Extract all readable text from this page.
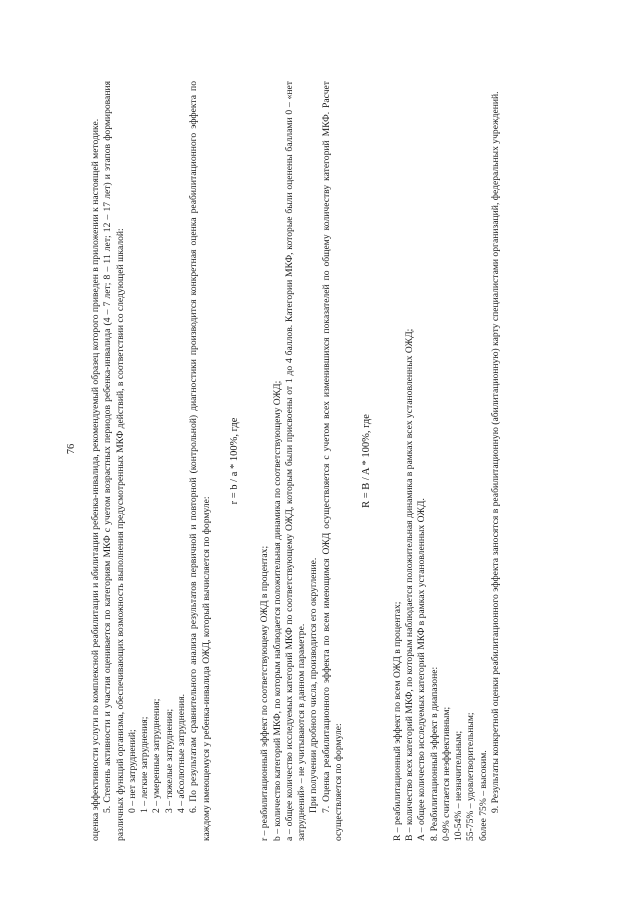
76 оценка эффективности услуги по комплексной реабилитации и абилитации ребенка-инвалида, рекомендуемый образец которого приведен в приложении к настоящей методике. 5. Степень активности и участия оценивается по категориям МКФ с учетом возрастных периодов ребенка-инвалида (4 – 7 лет; 8 – 11 лет; 12 – 17 лет) и этапов формирования различных функций организма, обеспечивающих возможность выполнения предусмотренных МКФ действий, в соответствии со следующей шкалой: 0 – нет затруднений; 1 – легкие затруднения; 2 – умеренные затруднения; 3 – тяжелые затруднения; 4 – абсолютные затруднения. 6. По результатам сравнительного анализа результатов первичной и повторной (контрольной) диагностики производится конкретная оценка реабилитационного эффекта по каждому имеющемуся у ребенка-инвалида ОЖД, который вычисляется по формуле:

r = b / a * 100%, где

r – реабилитационный эффект по соответствующему ОЖД в процентах; b – количество категорий МКФ, по которым наблюдается положительная динамика по соответствующему ОЖД; a – общее количество исследуемых категорий МКФ по соответствующему ОЖД, которым были присвоены от 1 до 4 баллов. Категории МКФ, которые были оценены баллами 0 – «нет затруднений» – не учитываются в данном параметре. При получении дробного числа, производится его округление. 7. Оценка реабилитационного эффекта по всем имеющимся ОЖД осуществляется с учетом всех изменившихся показателей по общему количеству категорий МКФ. Расчет осуществляется по формуле:

R = B / A * 100%, где

R – реабилитационный эффект по всем ОЖД в процентах; B – количество всех категорий МКФ, по которым наблюдается положительная динамика в рамках всех установленных ОЖД; A – общее количество исследуемых категорий МКФ в рамках установленных ОЖД. 8. Реабилитационный эффект в диапазоне: 0-9% считается неэффективным; 10-54% – незначительным; 55-75% – удовлетворительным; более 75% – высоким. 9. Результаты конкретной оценки реабилитационного эффекта заносятся в реабилитационную (абилитационную) карту специалистами организаций, федеральных учреждений.
